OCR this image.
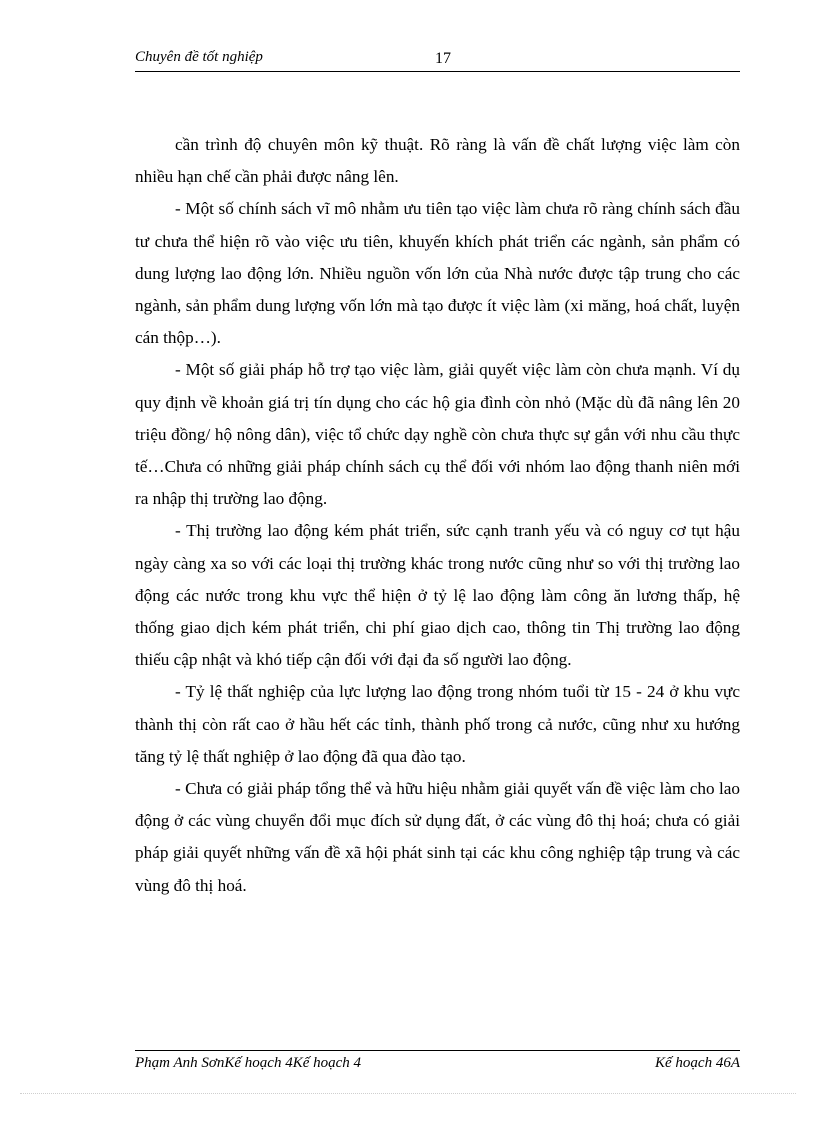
Chuyên đề tốt nghiệp	17

cần trình độ chuyên môn kỹ thuật. Rõ ràng là vấn đề chất lượng việc làm còn nhiều hạn chế cần phải được nâng lên.

- Một số chính sách vĩ mô nhằm ưu tiên tạo việc làm chưa rõ ràng chính sách đầu tư chưa thể hiện rõ vào việc ưu tiên, khuyến khích phát triển các ngành, sản phẩm có dung lượng lao động lớn. Nhiều nguồn vốn lớn của Nhà nước được tập trung cho các ngành, sản phẩm dung lượng vốn lớn mà tạo được ít việc làm (xi măng, hoá chất, luyện cán thộp…).

- Một số giải pháp hỗ trợ tạo việc làm, giải quyết việc làm còn chưa mạnh. Ví dụ quy định về khoản giá trị tín dụng cho các hộ gia đình còn nhỏ (Mặc dù đã nâng lên 20 triệu đồng/ hộ nông dân), việc tổ chức dạy nghề còn chưa thực sự gắn với nhu cầu thực tế…Chưa có những giải pháp chính sách cụ thể đối với nhóm lao động thanh niên mới ra nhập thị trường lao động.

- Thị trường lao động kém phát triển, sức cạnh tranh yếu và có nguy cơ tụt hậu ngày càng xa so với các loại thị trường khác trong nước cũng như so với thị trường lao động các nước trong khu vực thể hiện ở tỷ lệ lao động làm công ăn lương thấp, hệ thống giao dịch kém phát triển, chi phí giao dịch cao, thông tin Thị trường lao động thiếu cập nhật và khó tiếp cận đối với đại đa số người lao động.

- Tỷ lệ thất nghiệp của lực lượng lao động trong nhóm tuổi từ 15 - 24 ở khu vực thành thị còn rất cao ở hầu hết các tỉnh, thành phố trong cả nước, cũng như xu hướng tăng tỷ lệ thất nghiệp ở lao động đã qua đào tạo.

- Chưa có giải pháp tổng thể và hữu hiệu nhằm giải quyết vấn đề việc làm cho lao động ở các vùng chuyển đổi mục đích sử dụng đất, ở các vùng đô thị hoá; chưa có giải pháp giải quyết những vấn đề xã hội phát sinh tại các khu công nghiệp tập trung và các vùng đô thị hoá.

Phạm Anh SơnKế hoạch 4Kế hoạch 4	Kế hoạch 46A
